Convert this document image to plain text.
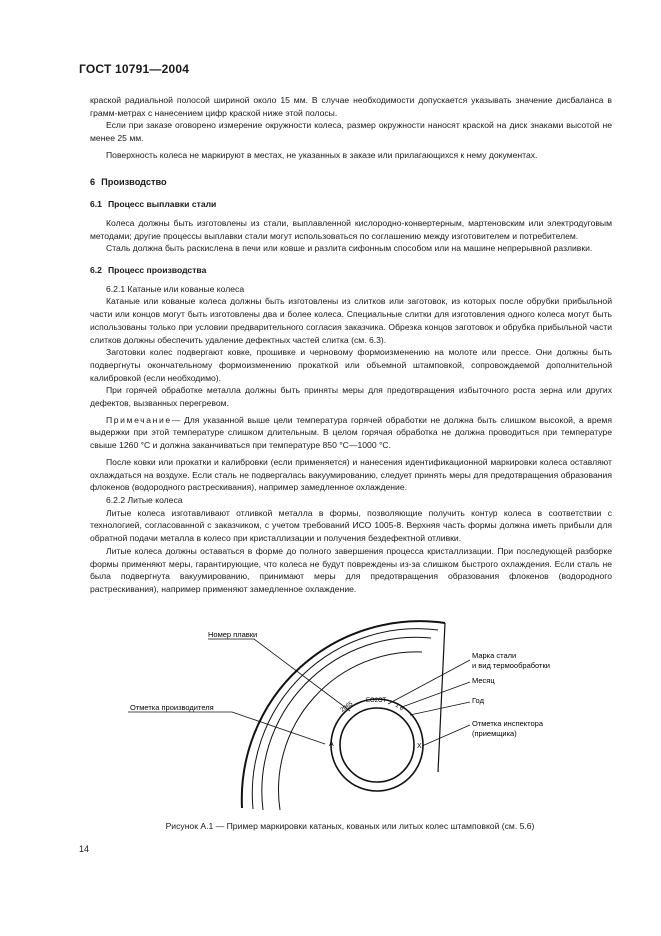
ГОСТ 10791—2004

краской радиальной полосой шириной около 15 мм. В случае необходимости допускается указывать значение дисбаланса в грамм-метрах с нанесением цифр краской ниже этой полосы.

Если при заказе оговорено измерение окружности колеса, размер окружности наносят краской на диск знаками высотой не менее 25 мм.

Поверхность колеса не маркируют в местах, не указанных в заказе или прилагающихся к нему документах.

6 Производство
6.1 Процесс выплавки стали

Колеса должны быть изготовлены из стали, выплавленной кислородно-конвертерным, мартеновским или электродуговым методами; другие процессы выплавки стали могут использоваться по соглашению между изготовителем и потребителем.

Сталь должна быть раскислена в печи или ковше и разлита сифонным способом или на машине непрерывной разливки.

6.2 Процесс производства

6.2.1 Катаные или кованые колеса

Катаные или кованые колеса должны быть изготовлены из слитков или заготовок, из которых после обрубки прибыльной части или концов могут быть изготовлены два и более колеса. Специальные слитки для изготовления одного колеса могут быть использованы только при условии предварительного согласия заказчика. Обрезка концов заготовок и обрубка прибыльной части слитков должны обеспечить удаление дефектных частей слитка (см. 6.3).

Заготовки колес подвергают ковке, прошивке и черновому формоизменению на молоте или прессе. Они должны быть подвергнуты окончательному формоизменению прокаткой или объемной штамповкой, сопровождаемой дополнительной калибровкой (если необходимо).

При горячей обработке металла должны быть приняты меры для предотвращения избыточного роста зерна или других дефектов, вызванных перегревом.

Примечание— Для указанной выше цели температура горячей обработки не должна быть слишком высокой, а время выдержки при этой температуре слишком длительным. В целом горячая обработка не должна проводиться при температуре свыше 1260 °С и должна заканчиваться при температуре 850 °С—1000 °С.

После ковки или прокатки и калибровки (если применяется) и нанесения идентификационной маркировки колеса оставляют охлаждаться на воздухе. Если сталь не подвергалась вакуумированию, следует принять меры для предотвращения образования флокенов (водородного растрескивания), например замедленное охлаждение.

6.2.2 Литые колеса

Литые колеса изготавливают отливкой металла в формы, позволяющие получить контур колеса в соответствии с технологией, согласованной с заказчиком, с учетом требований ИСО 1005-8. Верхняя часть формы должна иметь прибыли для обратной подачи металла в колесо при кристаллизации и получения бездефектной отливки.

Литые колеса должны оставаться в форме до полного завершения процесса кристаллизации. При последующей разборке формы применяют меры, гарантирующие, что колеса не будут повреждены из-за слишком быстрого охлаждения. Если сталь не была подвергнута вакуумированию, принимают меры для предотвращения образования флокенов (водородного растрескивания), например применяют замедленное охлаждение.

2065
EO2OT
1 6
A	X
Номер плавки
Отметка производителя
Марка стали
и вид термообработки
Месяц
Год
Отметка инспектора
(приемщика)
Рисунок А.1 — Пример маркировки катаных, кованых или литых колес штамповкой (см. 5.6)
14
